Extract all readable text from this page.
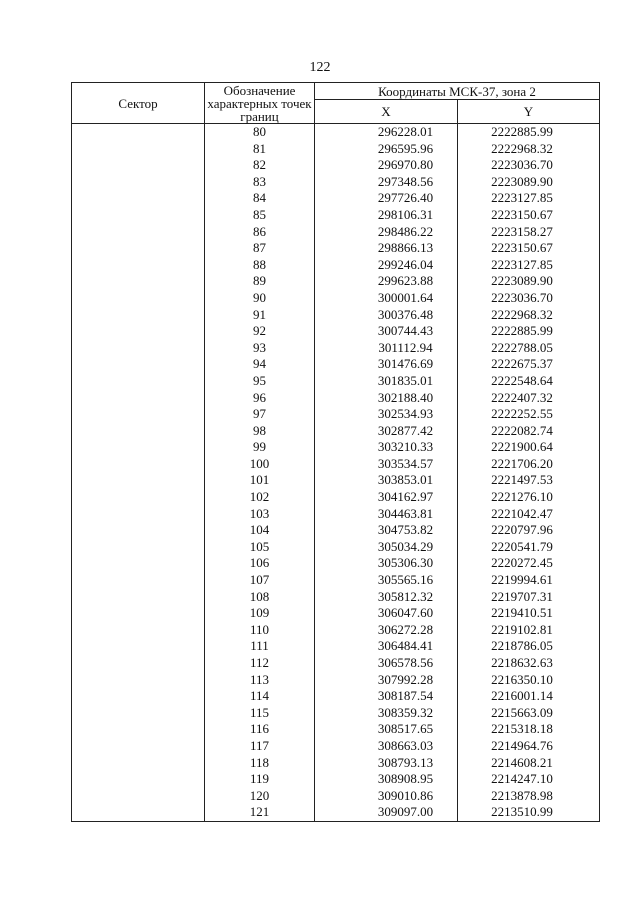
122
Сектор	Обозначение характерных точек границ	Координаты МСК-37, зона 2	
		X	Y
	80	296228.01	2222885.99
	81	296595.96	2222968.32
	82	296970.80	2223036.70
	83	297348.56	2223089.90
	84	297726.40	2223127.85
	85	298106.31	2223150.67
	86	298486.22	2223158.27
	87	298866.13	2223150.67
	88	299246.04	2223127.85
	89	299623.88	2223089.90
	90	300001.64	2223036.70
	91	300376.48	2222968.32
	92	300744.43	2222885.99
	93	301112.94	2222788.05
	94	301476.69	2222675.37
	95	301835.01	2222548.64
	96	302188.40	2222407.32
	97	302534.93	2222252.55
	98	302877.42	2222082.74
	99	303210.33	2221900.64
	100	303534.57	2221706.20
	101	303853.01	2221497.53
	102	304162.97	2221276.10
	103	304463.81	2221042.47
	104	304753.82	2220797.96
	105	305034.29	2220541.79
	106	305306.30	2220272.45
	107	305565.16	2219994.61
	108	305812.32	2219707.31
	109	306047.60	2219410.51
	110	306272.28	2219102.81
	111	306484.41	2218786.05
	112	306578.56	2218632.63
	113	307992.28	2216350.10
	114	308187.54	2216001.14
	115	308359.32	2215663.09
	116	308517.65	2215318.18
	117	308663.03	2214964.76
	118	308793.13	2214608.21
	119	308908.95	2214247.10
	120	309010.86	2213878.98
	121	309097.00	2213510.99
